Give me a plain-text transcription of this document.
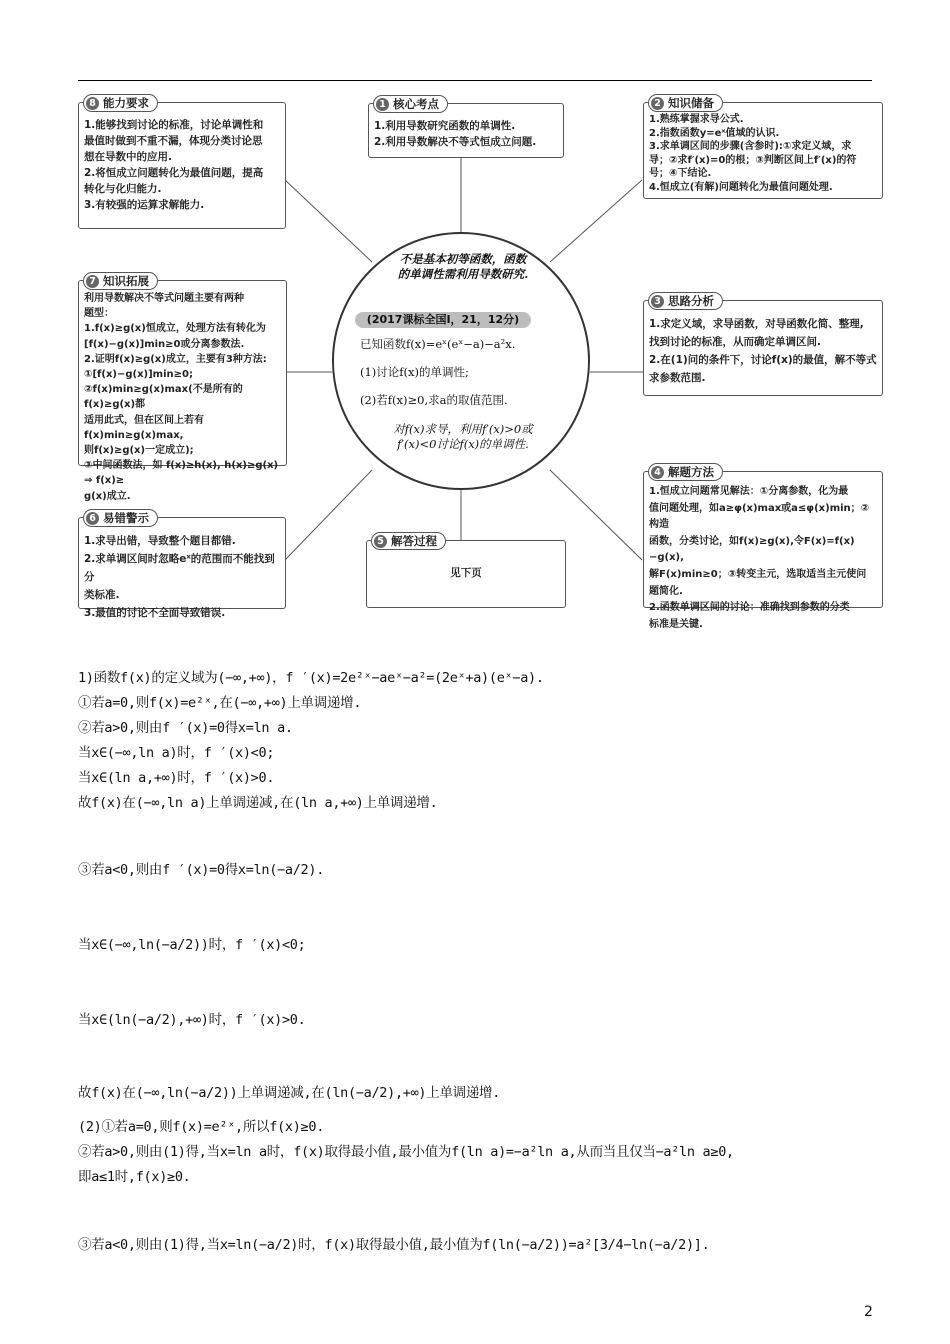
8 能力要求
1.能够找到讨论的标准，讨论单调性和
最值时做到不重不漏，体现分类讨论思
想在导数中的应用.
2.将恒成立问题转化为最值问题，提高
转化与化归能力.
3.有较强的运算求解能力.
1 核心考点
1.利用导数研究函数的单调性.
2.利用导数解决不等式恒成立问题.
2 知识储备
1.熟练掌握求导公式.
2.指数函数y=eˣ值域的认识.
3.求单调区间的步骤(含参时):①求定义域，求
导；②求f′(x)=0的根；③判断区间上f′(x)的符
号；④下结论.
4.恒成立(有解)问题转化为最值问题处理.
7 知识拓展
利用导数解决不等式问题主要有两种
题型：
1.f(x)≥g(x)恒成立，处理方法有转化为
[f(x)−g(x)]min≥0或分离参数法.
2.证明f(x)≥g(x)成立，主要有3种方法:
①[f(x)−g(x)]min≥0;
②f(x)min≥g(x)max(不是所有的f(x)≥g(x)都
适用此式，但在区间上若有f(x)min≥g(x)max,
则f(x)≥g(x)一定成立);
③中间函数法，如 f(x)≥h(x), h(x)≥g(x) ⇒ f(x)≥
g(x)成立.
3 思路分析
1.求定义域，求导函数，对导函数化简、整理,
找到讨论的标准，从而确定单调区间.
2.在(1)问的条件下，讨论f(x)的最值，解不等式
求参数范围.
6 易错警示
1.求导出错，导致整个题目都错.
2.求单调区间时忽略eˣ的范围而不能找到分
类标准.
3.最值的讨论不全面导致错误.
5 解答过程
见下页
4 解题方法
1.恒成立问题常见解法：①分离参数，化为最
值问题处理，如a≥φ(x)max或a≤φ(x)min；②构造
函数，分类讨论，如f(x)≥g(x),令F(x)=f(x)−g(x),
解F(x)min≥0；③转变主元，选取适当主元使问
题简化.
2.函数单调区间的讨论：准确找到参数的分类
标准是关键.
不是基本初等函数，函数
的单调性需利用导数研究.
(2017课标全国Ⅰ，21，12分)
已知函数f(x)=eˣ(eˣ−a)−a²x.
(1)讨论f(x)的单调性;
(2)若f(x)≥0,求a的取值范围.
对f(x)求导，利用f′(x)>0或
f′(x)<0讨论f(x)的单调性.
1)函数f(x)的定义域为(−∞,+∞)，f ′(x)=2e²ˣ−aeˣ−a²=(2eˣ+a)(eˣ−a).
①若a=0,则f(x)=e²ˣ,在(−∞,+∞)上单调递增.
②若a>0,则由f ′(x)=0得x=ln a.
当x∈(−∞,ln a)时，f ′(x)<0;
当x∈(ln a,+∞)时，f ′(x)>0.
故f(x)在(−∞,ln a)上单调递减,在(ln a,+∞)上单调递增.
③若a<0,则由f ′(x)=0得x=ln(−a/2).
当x∈(−∞,ln(−a/2))时，f ′(x)<0;
当x∈(ln(−a/2),+∞)时，f ′(x)>0.
故f(x)在(−∞,ln(−a/2))上单调递减,在(ln(−a/2),+∞)上单调递增.
(2)①若a=0,则f(x)=e²ˣ,所以f(x)≥0.
②若a>0,则由(1)得,当x=ln a时，f(x)取得最小值,最小值为f(ln a)=−a²ln a,从而当且仅当−a²ln a≥0,
即a≤1时,f(x)≥0.
③若a<0,则由(1)得,当x=ln(−a/2)时，f(x)取得最小值,最小值为f(ln(−a/2))=a²[3/4−ln(−a/2)].
2
